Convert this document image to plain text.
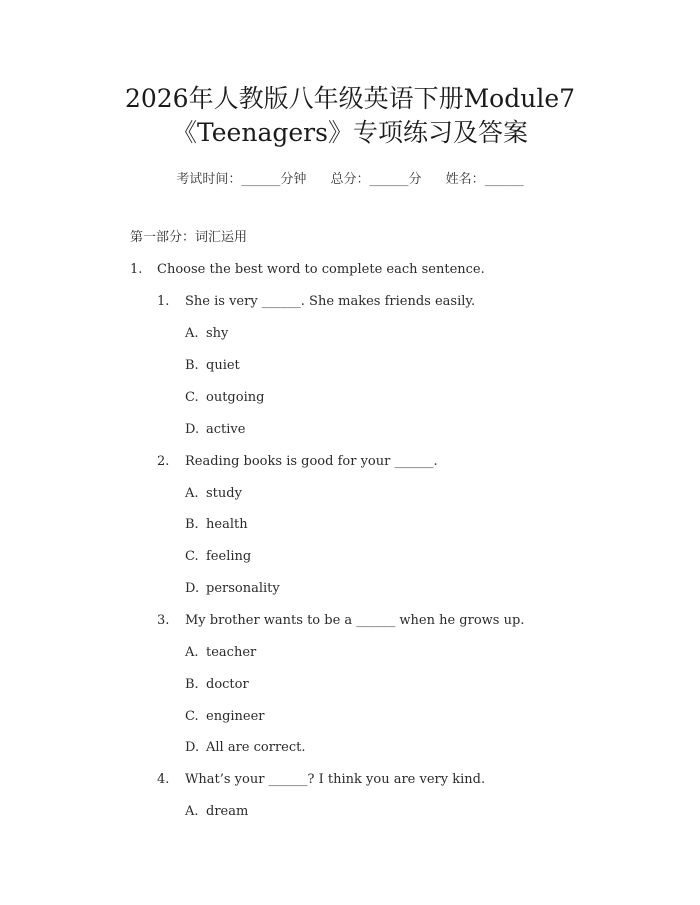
2026年人教版八年级英语下册Module7
《Teenagers》专项练习及答案
考试时间：______分钟 总分：______分 姓名：______
第一部分：词汇运用
1. Choose the best word to complete each sentence.
1. She is very ______. She makes friends easily.
A. shy
B. quiet
C. outgoing
D. active
2. Reading books is good for your ______.
A. study
B. health
C. feeling
D. personality
3. My brother wants to be a ______ when he grows up.
A. teacher
B. doctor
C. engineer
D. All are correct.
4. What’s your ______? I think you are very kind.
A. dream
